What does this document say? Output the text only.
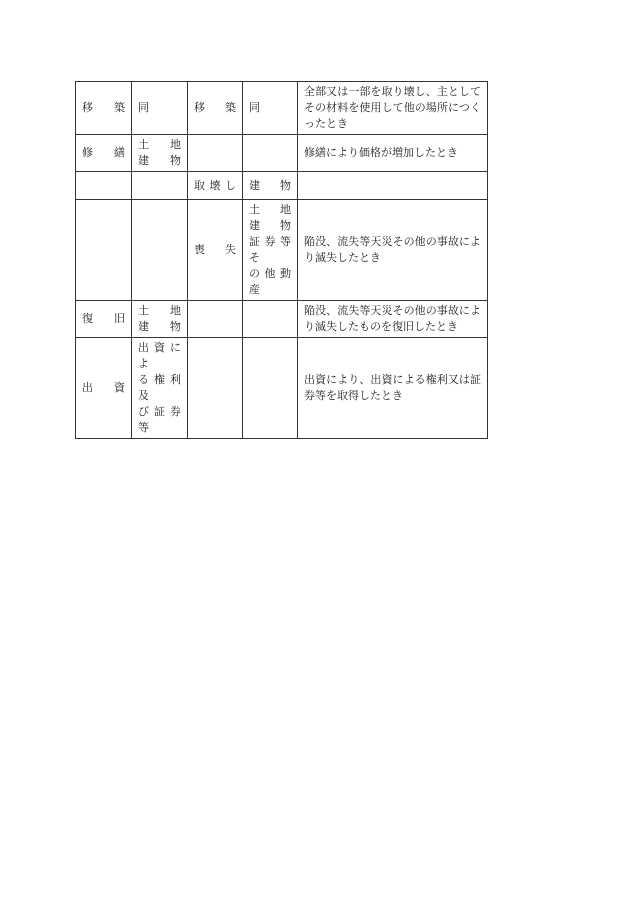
移　築	同	移　築	同	全部又は一部を取り壊し、主としてその材料を使用して他の場所につくったとき

修　繕	土　地
建　物			修繕により価格が増加したとき

		取壊し	建　物	

		喪　失	土　地
建　物
証券等そ
の他動産	陥没、流失等天災その他の事故により滅失したとき

復　旧	土　地
建　物			陥没、流失等天災その他の事故により滅失したものを復旧したとき

出　資	出資によ
る権利及
び証券等			出資により、出資による権利又は証券等を取得したとき
